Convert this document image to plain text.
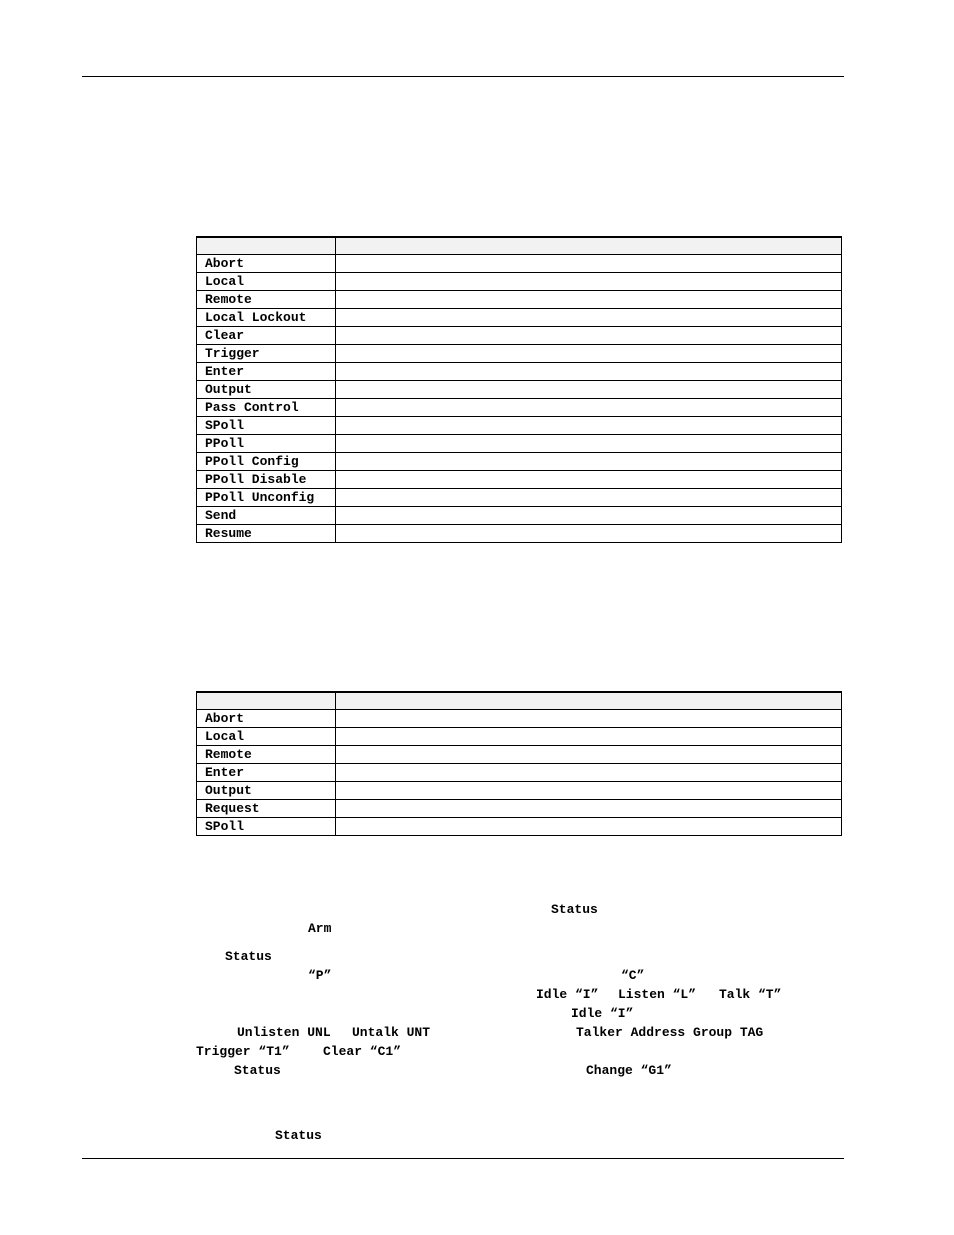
Abort	
Local	
Remote	
Local Lockout	
Clear	
Trigger	
Enter	
Output	
Pass Control	
SPoll	
PPoll	
PPoll Config	
PPoll Disable	
PPoll Unconfig	
Send	
Resume	

Abort	
Local	
Remote	
Enter	
Output	
Request	
SPoll	
Status
Arm
Status
“P”	“C”
Idle “I” Listen “L” Talk “T”
Idle “I”
Unlisten UNL Untalk UNT	Talker Address Group TAG
Trigger “T1”	Clear “C1”
Status	Change “G1”
Status
